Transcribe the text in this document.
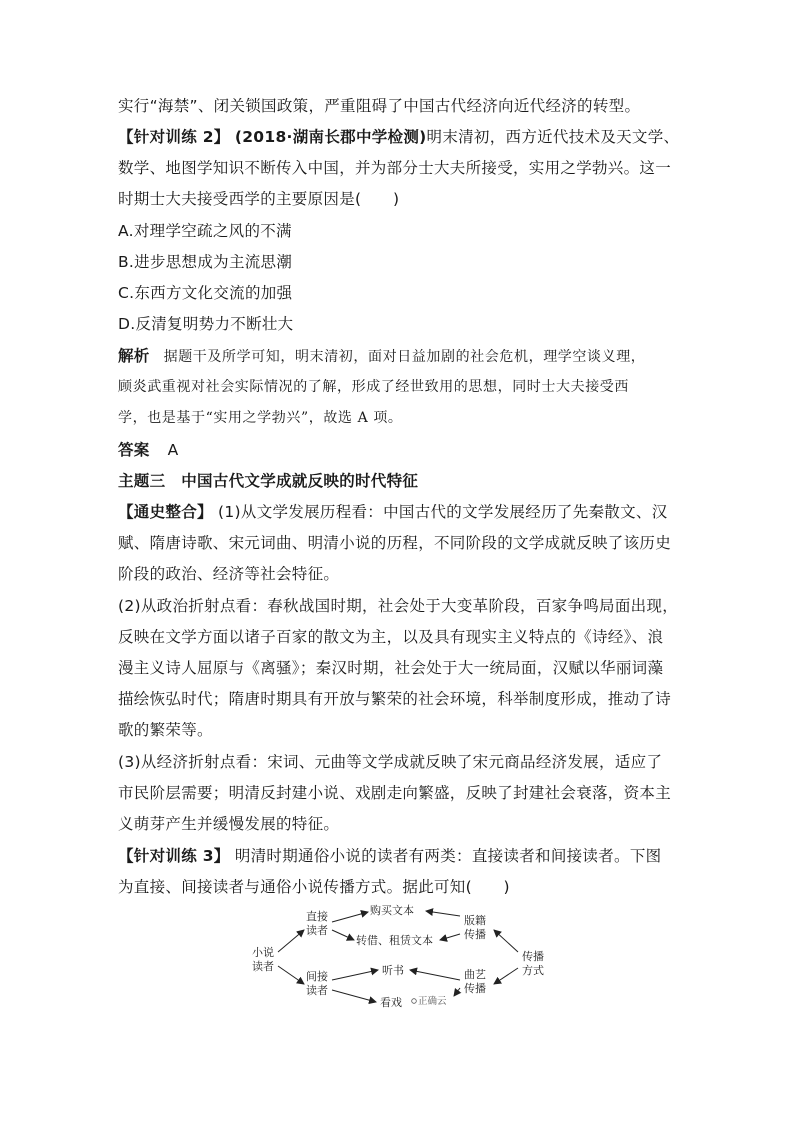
实行“海禁”、闭关锁国政策，严重阻碍了中国古代经济向近代经济的转型。
【针对训练 2】 (2018·湖南长郡中学检测)明末清初，西方近代技术及天文学、
数学、地图学知识不断传入中国，并为部分士大夫所接受，实用之学勃兴。这一
时期士大夫接受西学的主要原因是(　　)
A.对理学空疏之风的不满
B.进步思想成为主流思潮
C.东西方文化交流的加强
D.反清复明势力不断壮大
解析 据题干及所学可知，明末清初，面对日益加剧的社会危机，理学空谈义理，
顾炎武重视对社会实际情况的了解，形成了经世致用的思想，同时士大夫接受西
学，也是基于“实用之学勃兴”，故选 A 项。
答案 A
主题三　中国古代文学成就反映的时代特征
【通史整合】 (1)从文学发展历程看：中国古代的文学发展经历了先秦散文、汉
赋、隋唐诗歌、宋元词曲、明清小说的历程，不同阶段的文学成就反映了该历史
阶段的政治、经济等社会特征。
(2)从政治折射点看：春秋战国时期，社会处于大变革阶段，百家争鸣局面出现，
反映在文学方面以诸子百家的散文为主，以及具有现实主义特点的《诗经》、浪
漫主义诗人屈原与《离骚》；秦汉时期，社会处于大一统局面，汉赋以华丽词藻
描绘恢弘时代；隋唐时期具有开放与繁荣的社会环境，科举制度形成，推动了诗
歌的繁荣等。
(3)从经济折射点看：宋词、元曲等文学成就反映了宋元商品经济发展，适应了
市民阶层需要；明清反封建小说、戏剧走向繁盛，反映了封建社会衰落，资本主
义萌芽产生并缓慢发展的特征。
【针对训练 3】 明清时期通俗小说的读者有两类：直接读者和间接读者。下图
为直接、间接读者与通俗小说传播方式。据此可知(　　)
小说
读者
直接
读者
间接
读者
购买文本
转借、租赁文本
听书
看戏
版籍
传播
曲艺
传播
传播
方式
正确云
